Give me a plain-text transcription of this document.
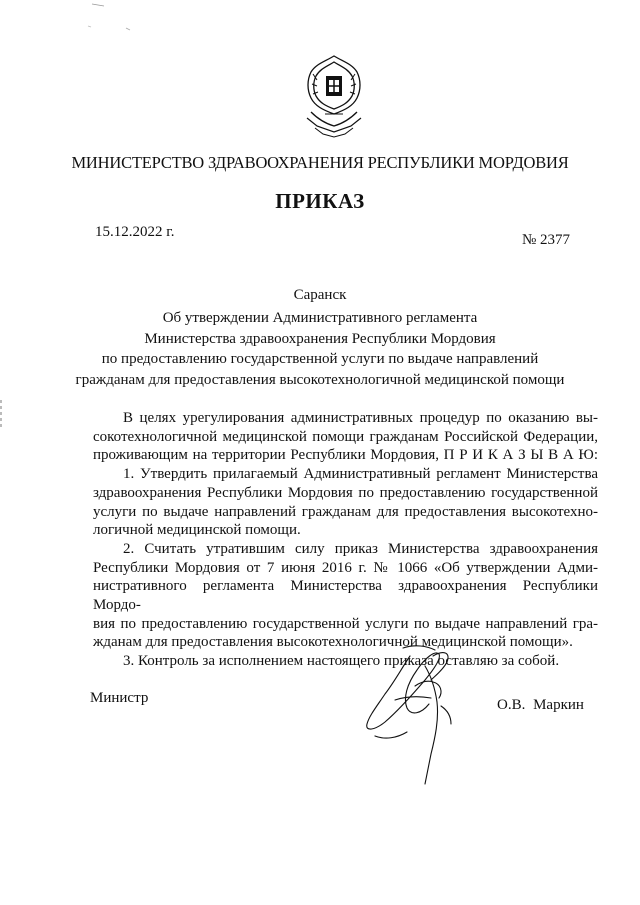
МИНИСТЕРСТВО ЗДРАВООХРАНЕНИЯ РЕСПУБЛИКИ МОРДОВИЯ
ПРИКАЗ
15.12.2022 г.	№ 2377
Саранск
Об утверждении Административного регламента
Министерства здравоохранения Республики Мордовия
по предоставлению государственной услуги по выдаче направлений
гражданам для предоставления высокотехнологичной медицинской помощи
В целях урегулирования административных процедур по оказанию вы-
сокотехнологичной медицинской помощи гражданам Российской Федерации,
проживающим на территории Республики Мордовия, П Р И К А З Ы В А Ю:
1. Утвердить прилагаемый Административный регламент Министерства
здравоохранения Республики Мордовия по предоставлению государственной
услуги по выдаче направлений гражданам для предоставления высокотехно-
логичной медицинской помощи.
2. Считать утратившим силу приказ Министерства здравоохранения
Республики Мордовия от 7 июня 2016 г. № 1066 «Об утверждении Адми-
нистративного регламента Министерства здравоохранения Республики Мордо-
вия по предоставлению государственной услуги по выдаче направлений гра-
жданам для предоставления высокотехнологичной медицинской помощи».
3. Контроль за исполнением настоящего приказа оставляю за собой.
Министр	О.В. Маркин
